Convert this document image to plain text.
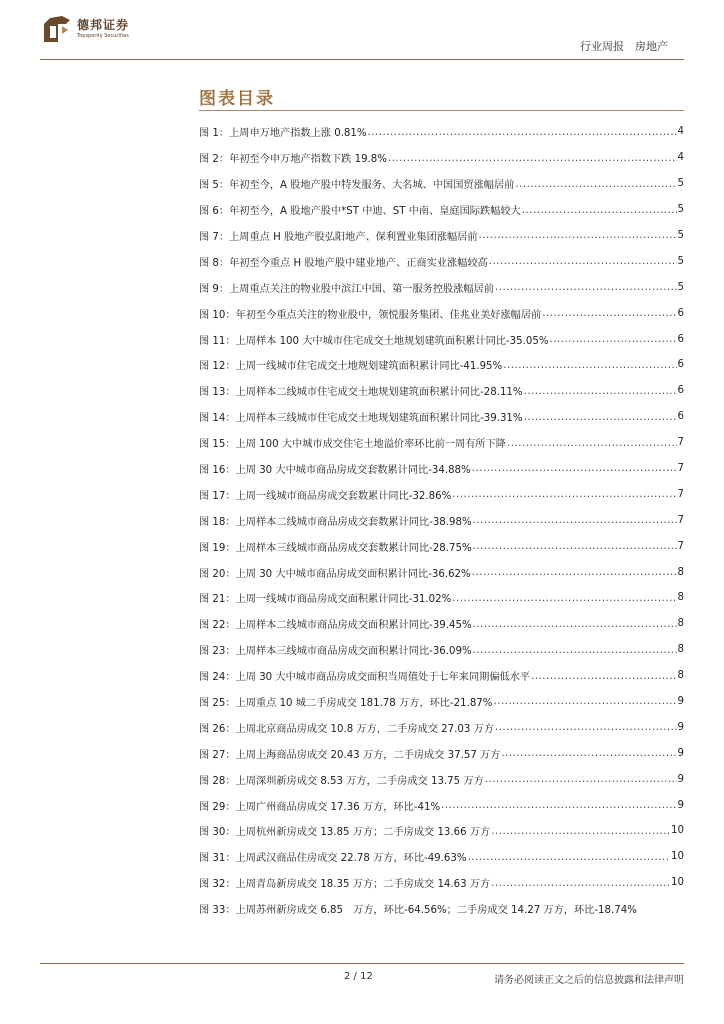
德邦证券
Topsperity Securities
行业周报　房地产
图表目录
图 1：上周申万地产指数上涨 0.81% .....	4
图 2：年初至今申万地产指数下跌 19.8% .....	4
图 5：年初至今，A 股地产股中特发服务、大名城、中国国贸涨幅居前 .....	5
图 6：年初至今，A 股地产股中*ST 中迪、ST 中南、皇庭国际跌幅较大 .....	5
图 7：上周重点 H 股地产股弘阳地产、保利置业集团涨幅居前 .....	5
图 8：年初至今重点 H 股地产股中建业地产、正商实业涨幅较高 .....	5
图 9：上周重点关注的物业股中滨江中国、第一服务控股涨幅居前 .....	5
图 10：年初至今重点关注的物业股中，领悦服务集团、佳兆业美好涨幅居前 .....	6
图 11：上周样本 100 大中城市住宅成交土地规划建筑面积累计同比-35.05% .....	6
图 12：上周一线城市住宅成交土地规划建筑面积累计同比-41.95% .....	6
图 13：上周样本二线城市住宅成交土地规划建筑面积累计同比-28.11% .....	6
图 14：上周样本三线城市住宅成交土地规划建筑面积累计同比-39.31% .....	6
图 15：上周 100 大中城市成交住宅土地溢价率环比前一周有所下降 .....	7
图 16：上周 30 大中城市商品房成交套数累计同比-34.88% .....	7
图 17：上周一线城市商品房成交套数累计同比-32.86% .....	7
图 18：上周样本二线城市商品房成交套数累计同比-38.98% .....	7
图 19：上周样本三线城市商品房成交套数累计同比-28.75% .....	7
图 20：上周 30 大中城市商品房成交面积累计同比-36.62% .....	8
图 21：上周一线城市商品房成交面积累计同比-31.02% .....	8
图 22：上周样本二线城市商品房成交面积累计同比-39.45% .....	8
图 23：上周样本三线城市商品房成交面积累计同比-36.09% .....	8
图 24：上周 30 大中城市商品房成交面积当周值处于七年来同期偏低水平 .....	8
图 25：上周重点 10 城二手房成交 181.78 万方，环比-21.87% .....	9
图 26：上周北京商品房成交 10.8 万方，二手房成交 27.03 万方 .....	9
图 27：上周上海商品房成交 20.43 万方，二手房成交 37.57 万方 .....	9
图 28：上周深圳新房成交 8.53 万方，二手房成交 13.75 万方 .....	9
图 29：上周广州商品房成交 17.36 万方，环比-41% .....	9
图 30：上周杭州新房成交 13.85 万方；二手房成交 13.66 万方 .....	10
图 31：上周武汉商品住房成交 22.78 万方，环比-49.63% .....	10
图 32：上周青岛新房成交 18.35 万方；二手房成交 14.63 万方 .....	10
图 33：上周苏州新房成交 6.85　万方，环比-64.56%；二手房成交 14.27 万方，环比-18.74%
2 / 12	请务必阅读正文之后的信息披露和法律声明
